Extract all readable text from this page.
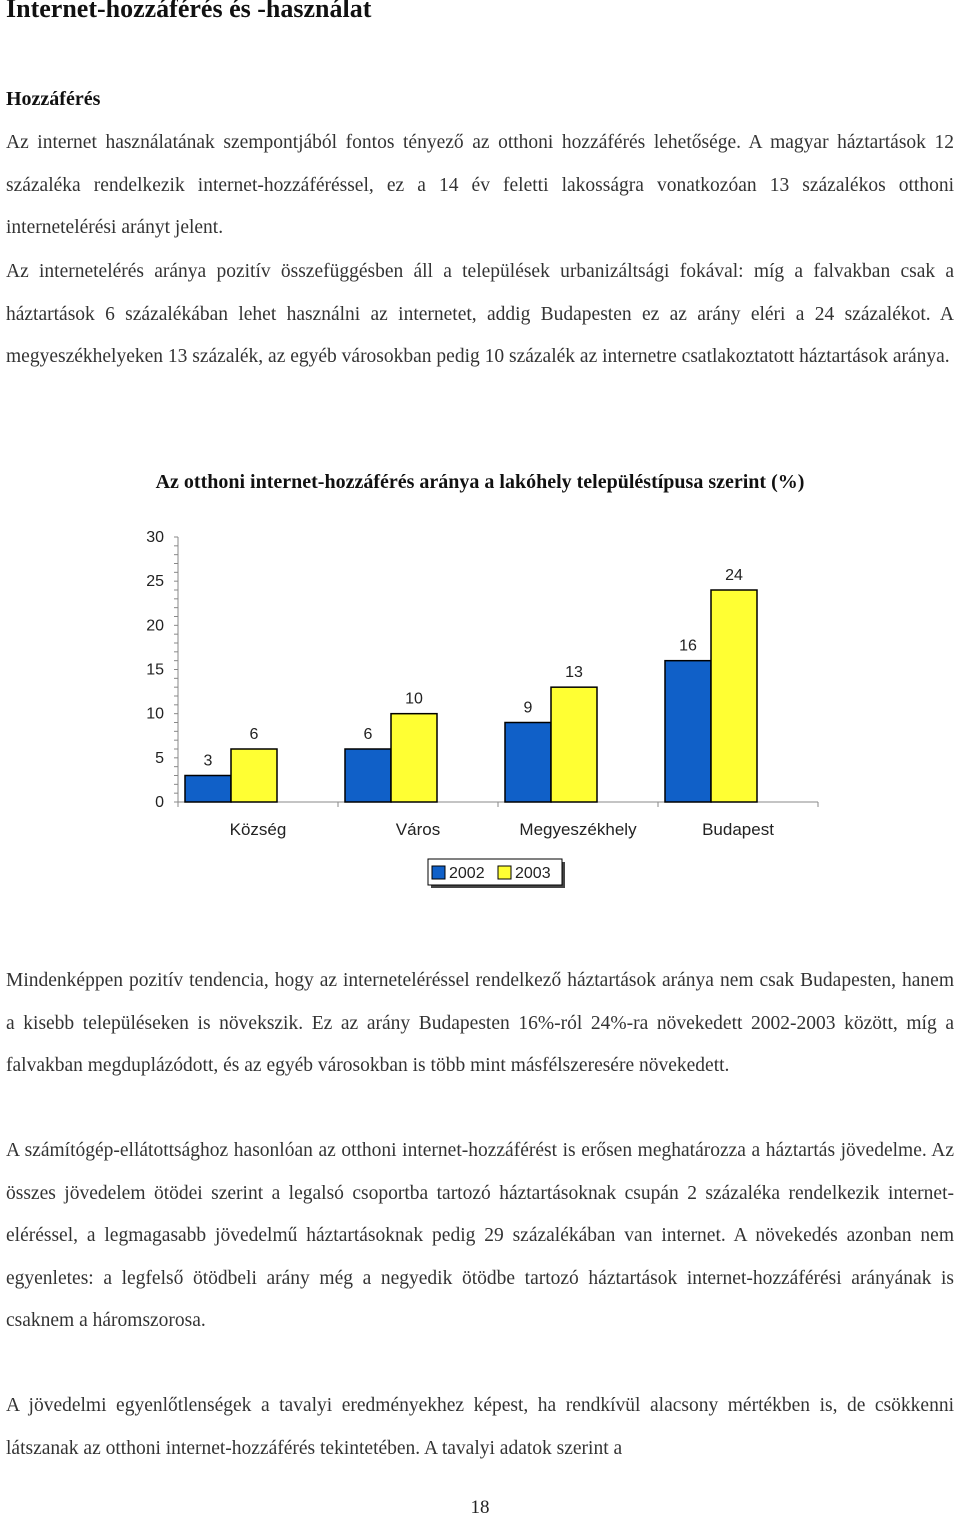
Internet-hozzáférés és -használat
Hozzáférés
Az internet használatának szempontjából fontos tényező az otthoni hozzáférés lehetősége. A magyar háztartások 12 százaléka rendelkezik internet-hozzáféréssel, ez a 14 év feletti lakosságra vonatkozóan 13 százalékos otthoni internetelérési arányt jelent.
Az internetelérés aránya pozitív összefüggésben áll a települések urbanizáltsági fokával: míg a falvakban csak a háztartások 6 százalékában lehet használni az internetet, addig Budapesten ez az arány eléri a 24 százalékot. A megyeszékhelyeken 13 százalék, az egyéb városokban pedig 10 százalék az internetre csatlakoztatott háztartások aránya.
Az otthoni internet-hozzáférés aránya a lakóhely településtípusa szerint (%)
0
5
10
15
20
25
30
3
6
Község
6
10
Város
9
13
Megyeszékhely
16
24
Budapest
2002 2003
Mindenképpen pozitív tendencia, hogy az interneteléréssel rendelkező háztartások aránya nem csak Budapesten, hanem a kisebb településeken is növekszik. Ez az arány Budapesten 16%-ról 24%-ra növekedett 2002-2003 között, míg a falvakban megduplázódott, és az egyéb városokban is több mint másfélszeresére növekedett.
A számítógép-ellátottsághoz hasonlóan az otthoni internet-hozzáférést is erősen meghatározza a háztartás jövedelme. Az összes jövedelem ötödei szerint a legalsó csoportba tartozó háztartásoknak csupán 2 százaléka rendelkezik interneteléréssel, a legmagasabb jövedelmű háztartásoknak pedig 29 százalékában van internet. A növekedés azonban nem egyenletes: a legfelső ötödbeli arány még a negyedik ötödbe tartozó háztartások internet-hozzáférési arányának is csaknem a háromszorosa.
A jövedelmi egyenlőtlenségek a tavalyi eredményekhez képest, ha rendkívül alacsony mértékben is, de csökkenni látszanak az otthoni internet-hozzáférés tekintetében. A tavalyi adatok szerint a
18
